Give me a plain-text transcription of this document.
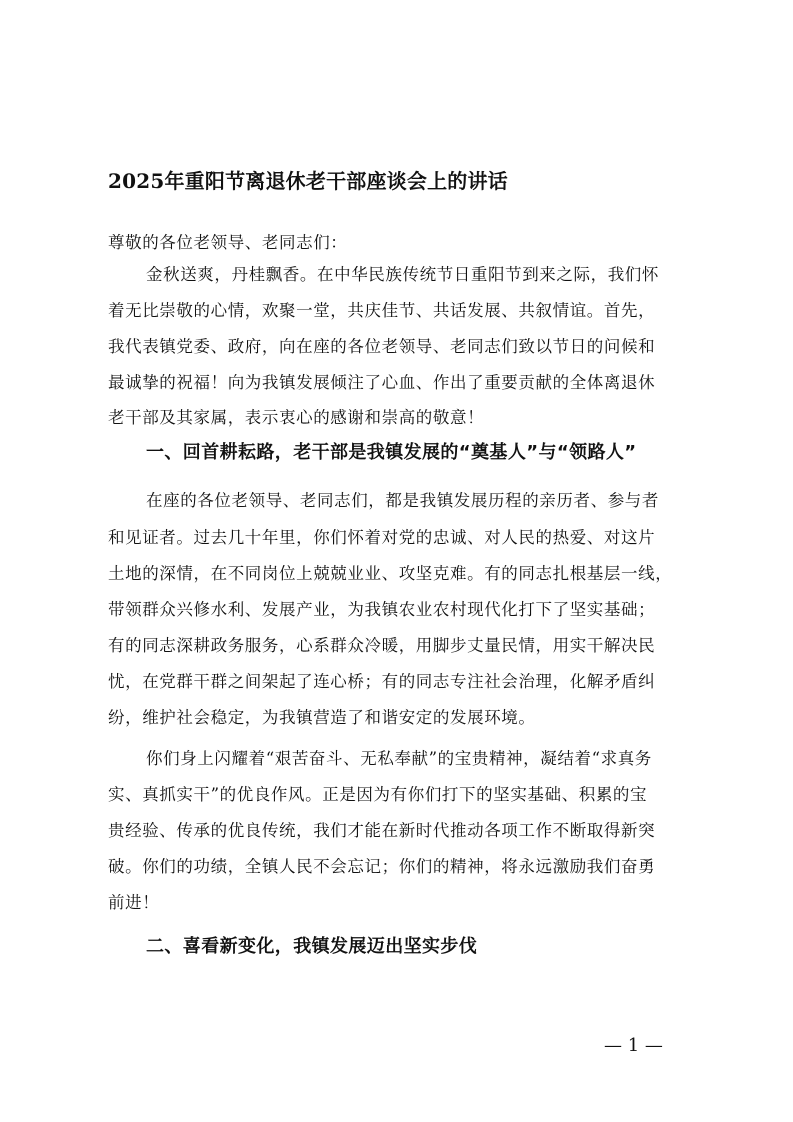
2025年重阳节离退休老干部座谈会上的讲话
尊敬的各位老领导、老同志们：
金秋送爽，丹桂飘香。在中华民族传统节日重阳节到来之际，我们怀
着无比崇敬的心情，欢聚一堂，共庆佳节、共话发展、共叙情谊。首先，
我代表镇党委、政府，向在座的各位老领导、老同志们致以节日的问候和
最诚挚的祝福！向为我镇发展倾注了心血、作出了重要贡献的全体离退休
老干部及其家属，表示衷心的感谢和崇高的敬意！
一、回首耕耘路，老干部是我镇发展的“奠基人”与“领路人”
在座的各位老领导、老同志们，都是我镇发展历程的亲历者、参与者
和见证者。过去几十年里，你们怀着对党的忠诚、对人民的热爱、对这片
土地的深情，在不同岗位上兢兢业业、攻坚克难。有的同志扎根基层一线，
带领群众兴修水利、发展产业，为我镇农业农村现代化打下了坚实基础；
有的同志深耕政务服务，心系群众冷暖，用脚步丈量民情，用实干解决民
忧，在党群干群之间架起了连心桥；有的同志专注社会治理，化解矛盾纠
纷，维护社会稳定，为我镇营造了和谐安定的发展环境。
你们身上闪耀着“艰苦奋斗、无私奉献”的宝贵精神，凝结着“求真务
实、真抓实干”的优良作风。正是因为有你们打下的坚实基础、积累的宝
贵经验、传承的优良传统，我们才能在新时代推动各项工作不断取得新突
破。你们的功绩，全镇人民不会忘记；你们的精神，将永远激励我们奋勇
前进！
二、喜看新变化，我镇发展迈出坚实步伐
— 1 —
